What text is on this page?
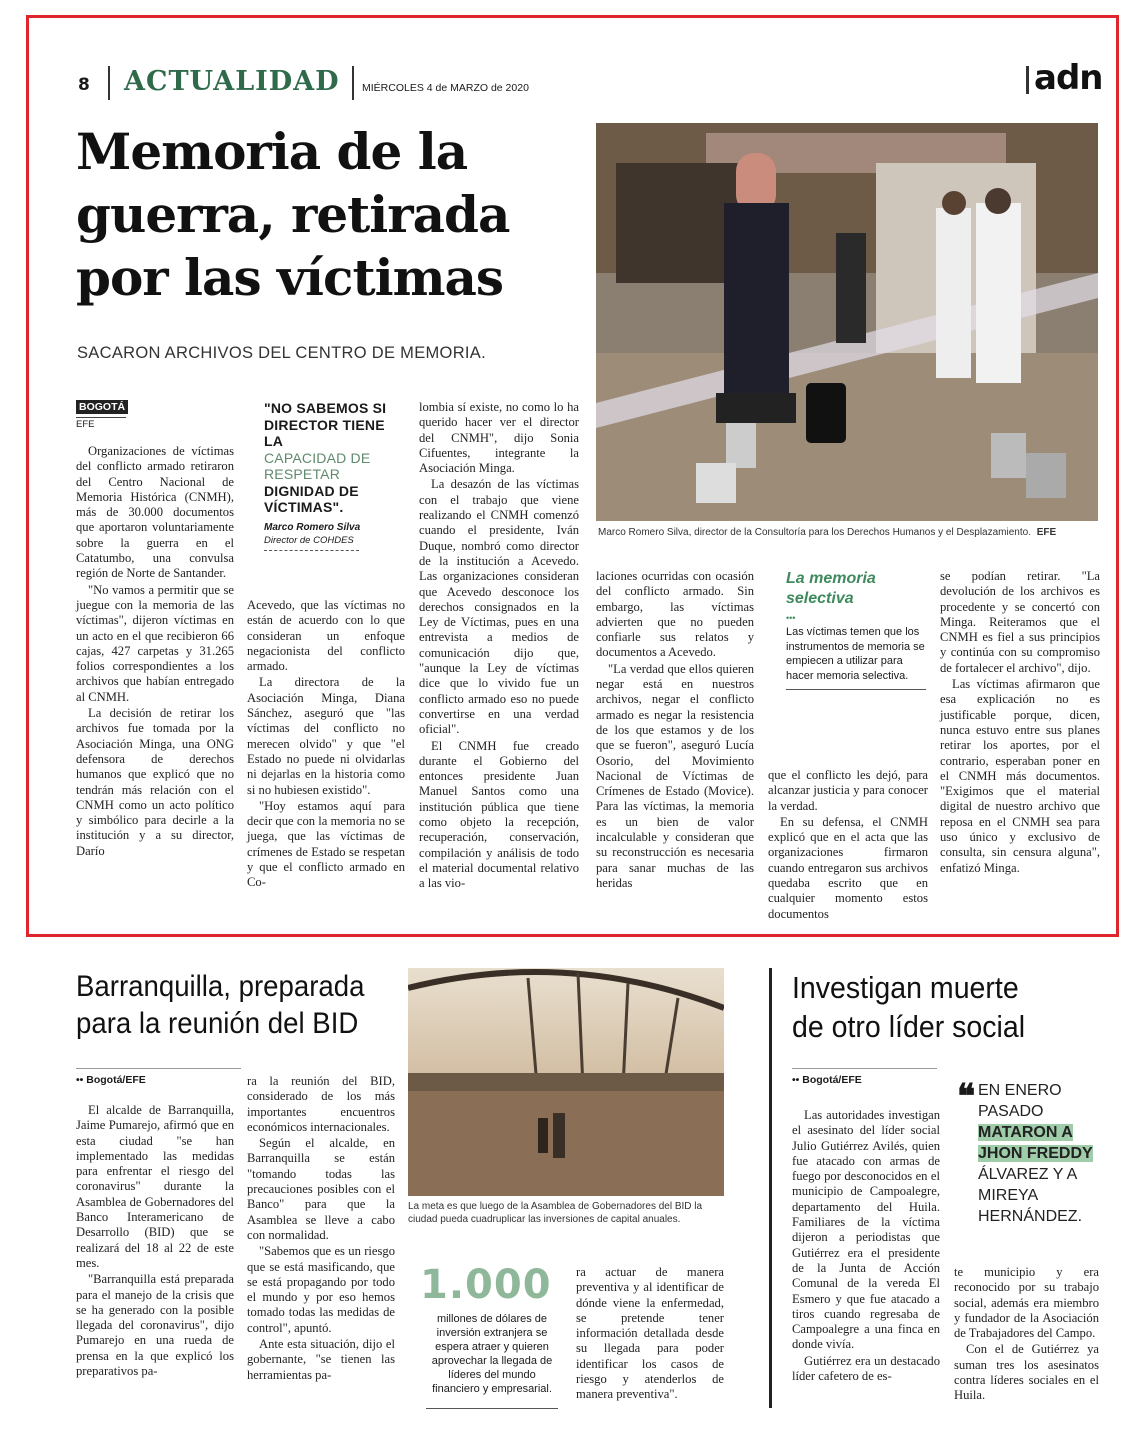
8 ACTUALIDAD MIÉRCOLES 4 de MARZO de 2020	adn
Memoria de la
guerra, retirada
por las víctimas
SACARON ARCHIVOS DEL CENTRO DE MEMORIA.
Marco Romero Silva, director de la Consultoría para los Derechos Humanos y el Desplazamiento. EFE
BOGOTÁ
EFE

Organizaciones de víctimas del conflicto armado retiraron del Centro Nacional de Memoria Histórica (CNMH), más de 30.000 documentos que aportaron voluntariamente sobre la guerra en el Catatumbo, una convulsa región de Norte de Santander.

"No vamos a permitir que se juegue con la memoria de las víctimas", dijeron víctimas en un acto en el que recibieron 66 cajas, 427 carpetas y 31.265 folios correspondientes a los archivos que habían entregado al CNMH.

La decisión de retirar los archivos fue tomada por la Asociación Minga, una ONG defensora de derechos humanos que explicó que no tendrán más relación con el CNMH como un acto político y simbólico para decirle a la institución y a su director, Darío

"NO SABEMOS SI DIRECTOR TIENE LA
CAPACIDAD DE RESPETAR
DIGNIDAD DE VÍCTIMAS".
Marco Romero Silva
Director de COHDES

Acevedo, que las víctimas no están de acuerdo con lo que consideran un enfoque negacionista del conflicto armado.

La directora de la Asociación Minga, Diana Sánchez, aseguró que "las víctimas del conflicto no merecen olvido" y que "el Estado no puede ni olvidarlas ni dejarlas en la historia como si no hubiesen existido".

"Hoy estamos aquí para decir que con la memoria no se juega, que las víctimas de crímenes de Estado se respetan y que el conflicto armado en Co-

lombia sí existe, no como lo ha querido hacer ver el director del CNMH", dijo Sonia Cifuentes, integrante la Asociación Minga.

La desazón de las víctimas con el trabajo que viene realizando el CNMH comenzó cuando el presidente, Iván Duque, nombró como director de la institución a Acevedo. Las organizaciones consideran que Acevedo desconoce los derechos consignados en la Ley de Víctimas, pues en una entrevista a medios de comunicación dijo que, "aunque la Ley de víctimas dice que lo vivido fue un conflicto armado eso no puede convertirse en una verdad oficial".

El CNMH fue creado durante el Gobierno del entonces presidente Juan Manuel Santos como una institución pública que tiene como objeto la recepción, recuperación, conservación, compilación y análisis de todo el material documental relativo a las vio-

laciones ocurridas con ocasión del conflicto armado. Sin embargo, las víctimas advierten que no pueden confiarle sus relatos y documentos a Acevedo.

"La verdad que ellos quieren negar está en nuestros archivos, negar el conflicto armado es negar la resistencia de los que estamos y de los que se fueron", aseguró Lucía Osorio, del Movimiento Nacional de Víctimas de Crímenes de Estado (Movice). Para las víctimas, la memoria es un bien de valor incalculable y consideran que su reconstrucción es necesaria para sanar muchas de las heridas

La memoria selectiva
•••
Las víctimas temen que los instrumentos de memoria se empiecen a utilizar para hacer memoria selectiva.

que el conflicto les dejó, para alcanzar justicia y para conocer la verdad.

En su defensa, el CNMH explicó que en el acta que las organizaciones firmaron cuando entregaron sus archivos quedaba escrito que en cualquier momento estos documentos

se podían retirar. "La devolución de los archivos es procedente y se concertó con Minga. Reiteramos que el CNMH es fiel a sus principios y continúa con su compromiso de fortalecer el archivo", dijo.

Las víctimas afirmaron que esa explicación no es justificable porque, dicen, nunca estuvo entre sus planes retirar los aportes, por el contrario, esperaban poner en el CNMH más documentos. "Exigimos que el material digital de nuestro archivo que reposa en el CNMH sea para uso único y exclusivo de consulta, sin censura alguna", enfatizó Minga.

Barranquilla, preparada
para la reunión del BID
•• Bogotá/EFE

El alcalde de Barranquilla, Jaime Pumarejo, afirmó que en esta ciudad "se han implementado las medidas para enfrentar el riesgo del coronavirus" durante la Asamblea de Gobernadores del Banco Interamericano de Desarrollo (BID) que se realizará del 18 al 22 de este mes.

"Barranquilla está preparada para el manejo de la crisis que se ha generado con la posible llegada del coronavirus", dijo Pumarejo en una rueda de prensa en la que explicó los preparativos pa-

ra la reunión del BID, considerado de los más importantes encuentros económicos internacionales.

Según el alcalde, en Barranquilla se están "tomando todas las precauciones posibles con el Banco" para que la Asamblea se lleve a cabo con normalidad.

"Sabemos que es un riesgo que se está masificando, que se está propagando por todo el mundo y por eso hemos tomado todas las medidas de control", apuntó.

Ante esta situación, dijo el gobernante, "se tienen las herramientas pa-

La meta es que luego de la Asamblea de Gobernadores del BID la ciudad pueda cuadruplicar las inversiones de capital anuales.
1.000
millones de dólares de inversión extranjera se espera atraer y quieren aprovechar la llegada de líderes del mundo financiero y empresarial.

ra actuar de manera preventiva y al identificar de dónde viene la enfermedad, se pretende tener información detallada desde su llegada para poder identificar los casos de riesgo y atenderlos de manera preventiva".

Investigan muerte
de otro líder social
•• Bogotá/EFE	❝ EN ENERO PASADO
MATARON A JHON FREDDY
ÁLVAREZ Y A MIREYA HERNÁNDEZ.

Las autoridades investigan el asesinato del líder social Julio Gutiérrez Avilés, quien fue atacado con armas de fuego por desconocidos en el municipio de Campoalegre, departamento del Huila. Familiares de la víctima dijeron a periodistas que Gutiérrez era el presidente de la Junta de Acción Comunal de la vereda El Esmero y que fue atacado a tiros cuando regresaba de Campoalegre a una finca en donde vivía.

Gutiérrez era un destacado líder cafetero de es-

te municipio y era reconocido por su trabajo social, además era miembro y fundador de la Asociación de Trabajadores del Campo.

Con el de Gutiérrez ya suman tres los asesinatos contra líderes sociales en el Huila.
